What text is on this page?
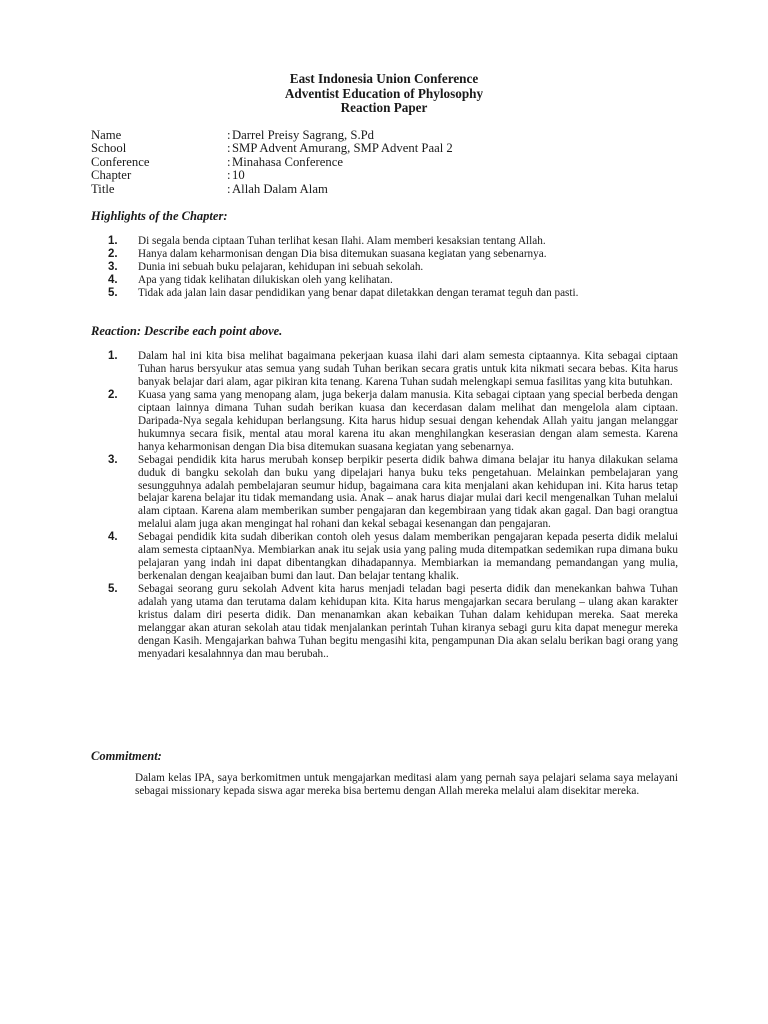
East Indonesia Union Conference
Adventist Education of Phylosophy
Reaction Paper
Name	: Darrel Preisy Sagrang, S.Pd
School	: SMP Advent Amurang, SMP Advent Paal 2
Conference	: Minahasa Conference
Chapter	: 10
Title	: Allah Dalam Alam
Highlights of the Chapter:
1.	Di segala benda ciptaan Tuhan terlihat kesan Ilahi. Alam memberi kesaksian tentang Allah.
2.	Hanya dalam keharmonisan dengan Dia bisa ditemukan suasana kegiatan yang sebenarnya.
3.	Dunia ini sebuah buku pelajaran, kehidupan ini sebuah sekolah.
4.	Apa yang tidak kelihatan dilukiskan oleh yang kelihatan.
5.	Tidak ada jalan lain dasar pendidikan yang benar dapat diletakkan dengan teramat teguh dan pasti.
Reaction: Describe each point above.
1.	Dalam hal ini kita bisa melihat bagaimana pekerjaan kuasa ilahi dari alam semesta ciptaannya. Kita sebagai ciptaan Tuhan harus bersyukur atas semua yang sudah Tuhan berikan secara gratis untuk kita nikmati secara bebas. Kita harus banyak belajar dari alam, agar pikiran kita tenang. Karena Tuhan sudah melengkapi semua fasilitas yang kita butuhkan.
2.	Kuasa yang sama yang menopang alam, juga bekerja dalam manusia. Kita sebagai ciptaan yang special berbeda dengan ciptaan lainnya dimana Tuhan sudah berikan kuasa dan kecerdasan dalam melihat dan mengelola alam ciptaan. Daripada-Nya segala kehidupan berlangsung. Kita harus hidup sesuai dengan kehendak Allah yaitu jangan melanggar hukumnya secara fisik, mental atau moral karena itu akan menghilangkan keserasian dengan alam semesta. Karena hanya keharmonisan dengan Dia bisa ditemukan suasana kegiatan yang sebenarnya.
3.	Sebagai pendidik kita harus merubah konsep berpikir peserta didik bahwa dimana belajar itu hanya dilakukan selama duduk di bangku sekolah dan buku yang dipelajari hanya buku teks pengetahuan. Melainkan pembelajaran yang sesungguhnya adalah pembelajaran seumur hidup, bagaimana cara kita menjalani akan kehidupan ini. Kita harus tetap belajar karena belajar itu tidak memandang usia. Anak – anak harus diajar mulai dari kecil mengenalkan Tuhan melalui alam ciptaan. Karena alam memberikan sumber pengajaran dan kegembiraan yang tidak akan gagal. Dan bagi orangtua melalui alam juga akan mengingat hal rohani dan kekal sebagai kesenangan dan pengajaran.
4.	Sebagai pendidik kita sudah diberikan contoh oleh yesus dalam memberikan pengajaran kepada peserta didik melalui alam semesta ciptaanNya. Membiarkan anak itu sejak usia yang paling muda ditempatkan sedemikan rupa dimana buku pelajaran yang indah ini dapat dibentangkan dihadapannya. Membiarkan ia memandang pemandangan yang mulia, berkenalan dengan keajaiban bumi dan laut. Dan belajar tentang khalik.
5.	Sebagai seorang guru sekolah Advent kita harus menjadi teladan bagi peserta didik dan menekankan bahwa Tuhan adalah yang utama dan terutama dalam kehidupan kita. Kita harus mengajarkan secara berulang – ulang akan karakter kristus dalam diri peserta didik. Dan menanamkan akan kebaikan Tuhan dalam kehidupan mereka. Saat mereka melanggar akan aturan sekolah atau tidak menjalankan perintah Tuhan kiranya sebagi guru kita dapat menegur mereka dengan Kasih. Mengajarkan bahwa Tuhan begitu mengasihi kita, pengampunan Dia akan selalu berikan bagi orang yang menyadari kesalahnnya dan mau berubah..
Commitment:

Dalam kelas IPA, saya berkomitmen untuk mengajarkan meditasi alam yang pernah saya pelajari selama saya melayani sebagai missionary kepada siswa agar mereka bisa bertemu dengan Allah mereka melalui alam disekitar mereka.
